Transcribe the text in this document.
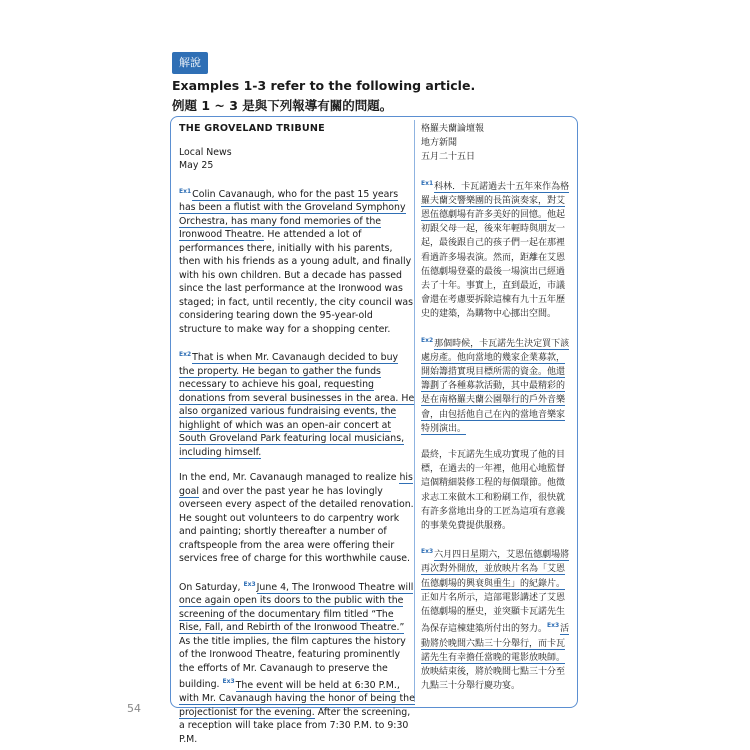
解說
Examples 1-3 refer to the following article.
例題 1 ~ 3 是與下列報導有關的問題。

THE GROVELAND TRIBUNE

Local News

May 25

$^{Ex1}$Colin Cavanaugh, who for the past 15 years has been a flutist with the Groveland Symphony Orchestra, has many fond memories of the Ironwood Theatre. He attended a lot of performances there, initially with his parents, then with his friends as a young adult, and finally with his own children. But a decade has passed since the last performance at the Ironwood was staged; in fact, until recently, the city council was considering tearing down the 95-year-old structure to make way for a shopping center.

$^{Ex2}$That is when Mr. Cavanaugh decided to buy the property. He began to gather the funds necessary to achieve his goal, requesting donations from several businesses in the area. He also organized various fundraising events, the highlight of which was an open-air concert at South Groveland Park featuring local musicians, including himself.

In the end, Mr. Cavanaugh managed to realize his goal and over the past year he has lovingly overseen every aspect of the detailed renovation. He sought out volunteers to do carpentry work and painting; shortly thereafter a number of craftspeople from the area were offering their services free of charge for this worthwhile cause.

On Saturday, $^{Ex3}$June 4, The Ironwood Theatre will once again open its doors to the public with the screening of the documentary film titled “The Rise, Fall, and Rebirth of the Ironwood Theatre.” As the title implies, the film captures the history of the Ironwood Theatre, featuring prominently the efforts of Mr. Cavanaugh to preserve the building. $^{Ex3}$The event will be held at 6:30 P.M., with Mr. Cavanaugh having the honor of being the projectionist for the evening. After the screening, a reception will take place from 7:30 P.M. to 9:30 P.M.

格羅夫蘭論壇報

地方新聞

五月二十五日

$^{Ex1}$科林．卡瓦諾過去十五年來作為格羅夫蘭交響樂團的長笛演奏家，對艾恩伍德劇場有許多美好的回憶。他起初跟父母一起，後來年輕時與朋友一起，最後跟自己的孩子們一起在那裡看過許多場表演。然而，距離在艾恩伍德劇場登臺的最後一場演出已經過去了十年。事實上，直到最近，市議會還在考慮要拆除這棟有九十五年歷史的建築，為購物中心挪出空間。

$^{Ex2}$那個時候，卡瓦諾先生決定買下該處房產。他向當地的幾家企業募款，開始籌措實現目標所需的資金。他還籌劃了各種募款活動，其中最精彩的是在南格羅夫蘭公園舉行的戶外音樂會，由包括他自己在內的當地音樂家特別演出。

最終，卡瓦諾先生成功實現了他的目標，在過去的一年裡，他用心地監督這個精細裝修工程的每個環節。他徵求志工來做木工和粉刷工作，很快就有許多當地出身的工匠為這項有意義的事業免費提供服務。

$^{Ex3}$六月四日星期六，艾恩伍德劇場將再次對外開放，並放映片名為「艾恩伍德劇場的興衰與重生」的紀錄片。正如片名所示，這部電影講述了艾恩伍德劇場的歷史，並突顯卡瓦諾先生為保存這棟建築所付出的努力。$^{Ex3}$活動將於晚間六點三十分舉行，而卡瓦諾先生有幸擔任當晚的電影放映師。放映結束後，將於晚間七點三十分至九點三十分舉行慶功宴。

54
